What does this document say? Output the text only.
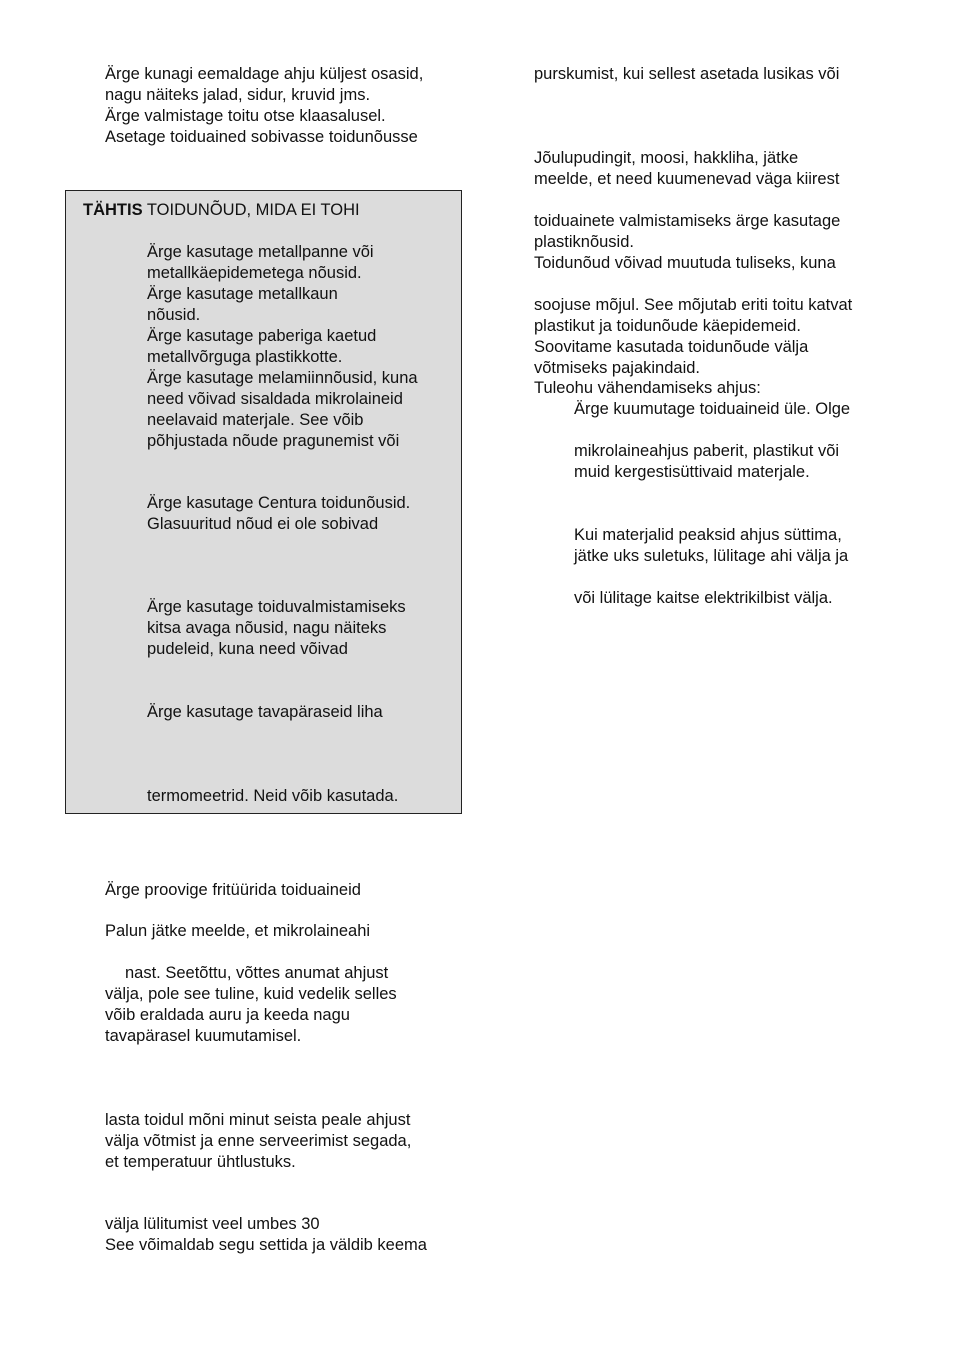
Ärge kunagi eemaldage ahju küljest osasid,

nagu näiteks jalad, sidur, kruvid jms.

Ärge valmistage toitu otse klaasalusel.

Asetage toiduained sobivasse toidunõusse

TÄHTIS TOIDUNÕUD, MIDA EI TOHI

Ärge kasutage metallpanne või

metallkäepidemetega nõusid.

Ärge kasutage metallkaun

nõusid.

Ärge kasutage paberiga kaetud

metallvõrguga plastikkotte.

Ärge kasutage melamiinnõusid, kuna

need võivad sisaldada mikrolaineid

neelavaid materjale. See võib

põhjustada nõude pragunemist või

Ärge kasutage Centura toidunõusid.

Glasuuritud nõud ei ole sobivad

Ärge kasutage toiduvalmistamiseks

kitsa avaga nõusid, nagu näiteks

pudeleid, kuna need võivad

Ärge kasutage tavapäraseid liha

termomeetrid. Neid võib kasutada.

Ärge proovige fritüürida toiduaineid

Palun jätke meelde, et mikrolaineahi

nast. Seetõttu, võttes anumat ahjust

välja, pole see tuline, kuid vedelik selles

võib eraldada auru ja keeda nagu

tavapärasel kuumutamisel.

lasta toidul mõni minut seista peale ahjust

välja võtmist ja enne serveerimist segada,

et temperatuur ühtlustuks.

välja lülitumist veel umbes 30

See võimaldab segu settida ja väldib keema

purskumist, kui sellest asetada lusikas või

Jõulupudingit, moosi, hakkliha, jätke

meelde, et need kuumenevad väga kiirest

toiduainete valmistamiseks ärge kasutage

plastiknõusid.

Toidunõud võivad muutuda tuliseks, kuna

soojuse mõjul. See mõjutab eriti toitu katvat

plastikut ja toidunõude käepidemeid.

Soovitame kasutada toidunõude välja

võtmiseks pajakindaid.

Tuleohu vähendamiseks ahjus:

Ärge kuumutage toiduaineid üle. Olge

mikrolaineahjus paberit, plastikut või

muid kergestisüttivaid materjale.

Kui materjalid peaksid ahjus süttima,

jätke uks suletuks, lülitage ahi välja ja

või lülitage kaitse elektrikilbist välja.
